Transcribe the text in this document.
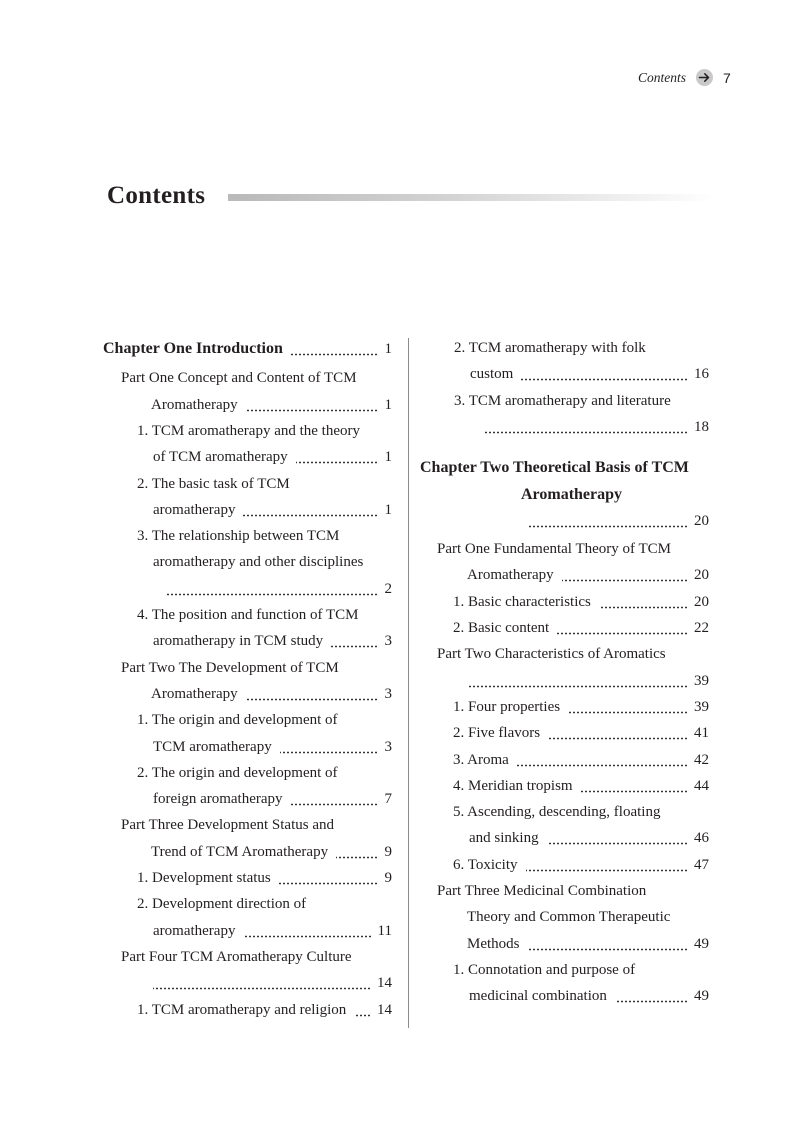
Contents	7
Contents
Chapter One Introduction	1
Part One Concept and Content of TCM
Aromatherapy	1
1. TCM aromatherapy and the theory
of TCM aromatherapy	1
2. The basic task of TCM
aromatherapy	1
3. The relationship between TCM
aromatherapy and other disciplines
2
4. The position and function of TCM
aromatherapy in TCM study	3
Part Two The Development of TCM
Aromatherapy	3
1. The origin and development of
TCM aromatherapy	3
2. The origin and development of
foreign aromatherapy	7
Part Three Development Status and
Trend of TCM Aromatherapy	9
1. Development status	9
2. Development direction of
aromatherapy	11
Part Four TCM Aromatherapy Culture
14
1. TCM aromatherapy and religion 14
2. TCM aromatherapy with folk
custom	16
3. TCM aromatherapy and literature
18
Chapter Two Theoretical Basis of TCM
Aromatherapy
20
Part One Fundamental Theory of TCM
Aromatherapy	20
1. Basic characteristics	20
2. Basic content	22
Part Two Characteristics of Aromatics
39
1. Four properties	39
2. Five flavors	41
3. Aroma	42
4. Meridian tropism	44
5. Ascending, descending, floating
and sinking	46
6. Toxicity	47
Part Three Medicinal Combination
Theory and Common Therapeutic
Methods	49
1. Connotation and purpose of
medicinal combination	49
